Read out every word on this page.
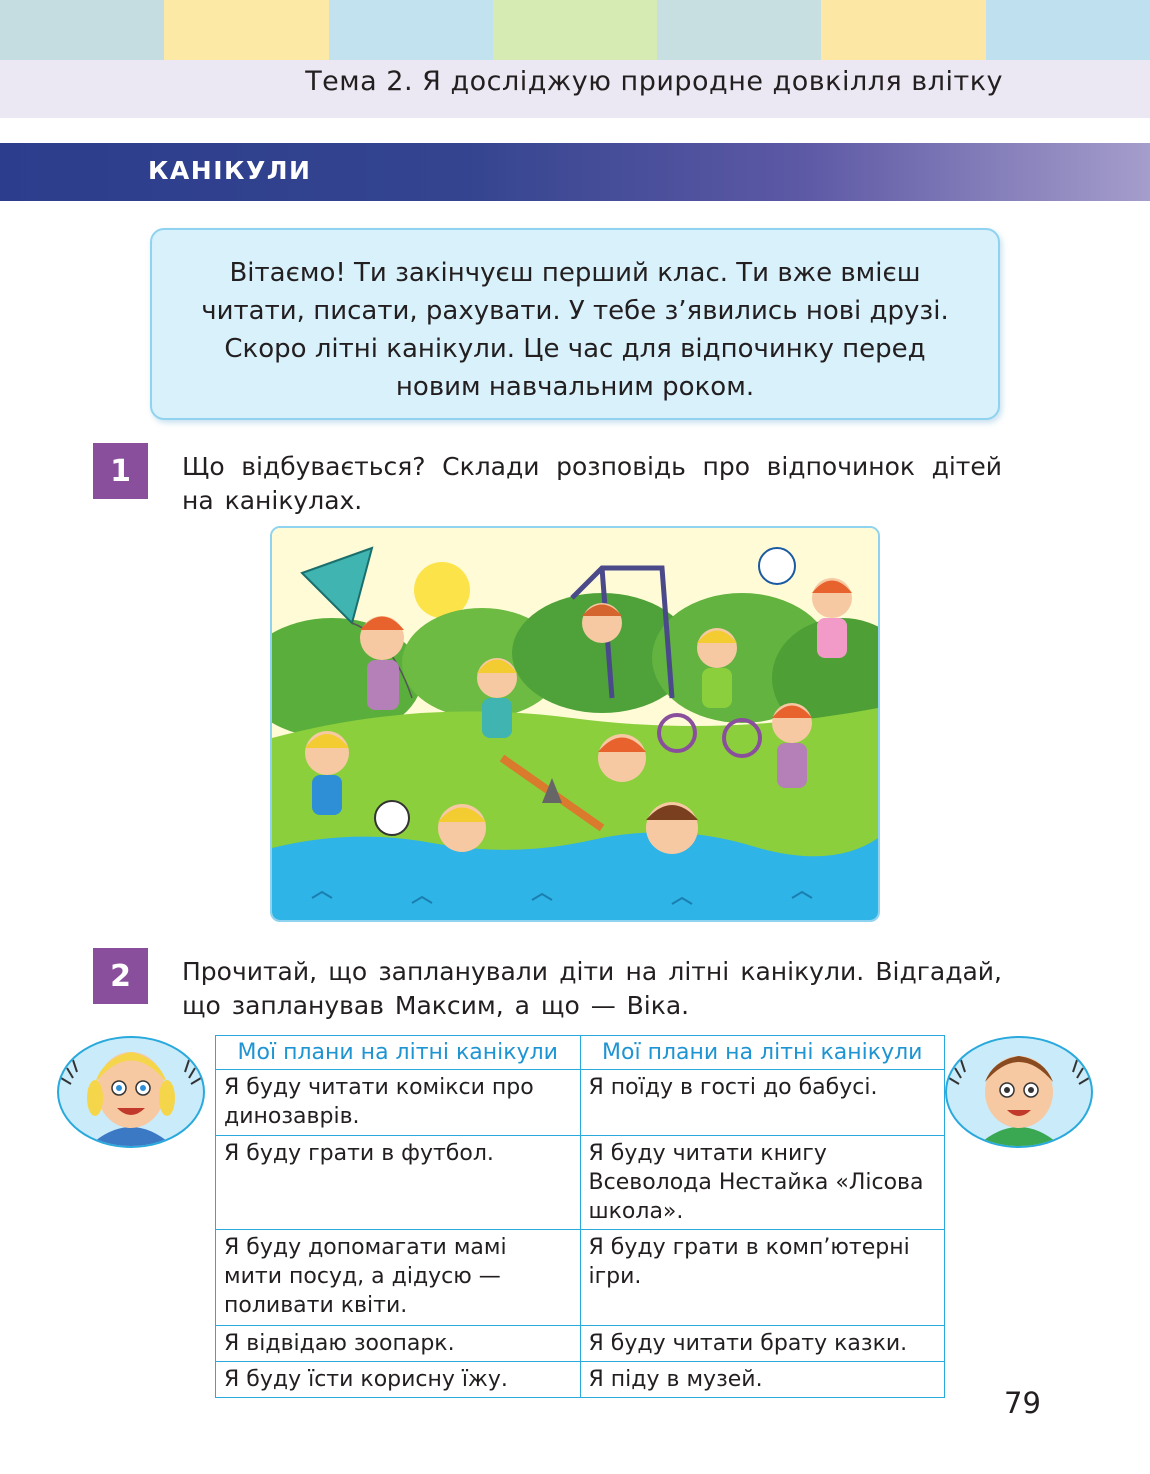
Тема 2. Я досліджую природне довкілля влітку
КАНІКУЛИ
Вітаємо! Ти закінчуєш перший клас. Ти вже вмієш читати, писати, рахувати. У тебе з’явились нові друзі. Скоро літні канікули. Це час для відпочинку перед новим навчальним роком.
1	Що відбувається? Склади розповідь про відпочинок дітей на канікулах.

2	Прочитай, що запланували діти на літні канікули. Відгадай, що запланував Максим, а що — Віка.

Мої плани на літні канікули	Мої плани на літні канікули
Я буду читати комікси про динозаврів.	Я поїду в гості до бабусі.
Я буду грати в футбол.	Я буду читати книгу Всеволода Нестайка «Лісова школа».
Я буду допомагати мамі мити посуд, а дідусю — поливати квіти.	Я буду грати в комп’ютерні ігри.
Я відвідаю зоопарк.	Я буду читати брату казки.
Я буду їсти корисну їжу.	Я піду в музей.

79
